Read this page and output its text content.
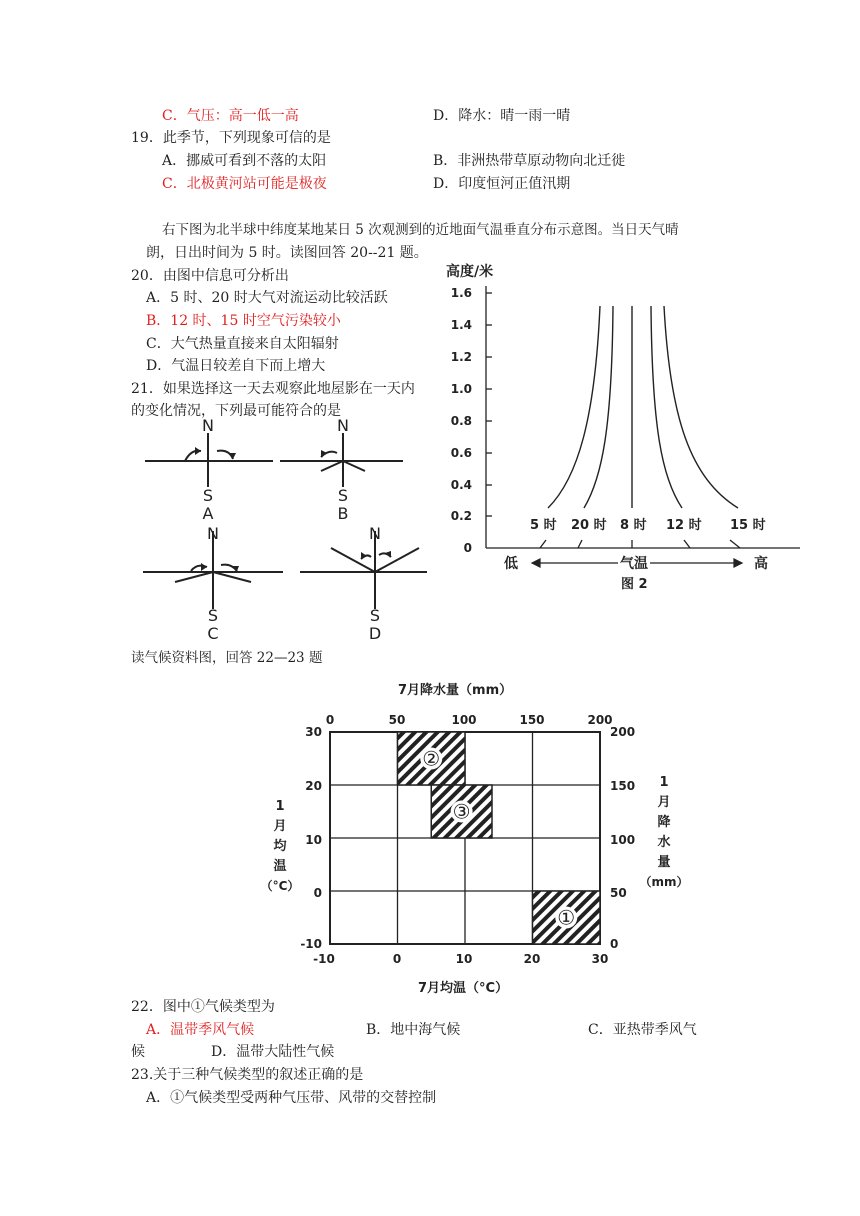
C．气压：高一低一高	D．降水：晴一雨一晴
19．此季节，下列现象可信的是
A．挪威可看到不落的太阳	B．非洲热带草原动物向北迁徙
C．北极黄河站可能是极夜	D．印度恒河正值汛期
右下图为北半球中纬度某地某日 5 次观测到的近地面气温垂直分布示意图。当日天气晴
朗，日出时间为 5 时。读图回答 20--21 题。
20．由图中信息可分析出
A．5 时、20 时大气对流运动比较活跃
B．12 时、15 时空气污染较小
C．大气热量直接来自太阳辐射
D．气温日较差自下而上增大
21．如果选择这一天去观察此地屋影在一天内
的变化情况，下列最可能符合的是
N
S
A
N
S
B
N
S
C
N
S
D
高度/米
1.6
1.4
1.2
1.0
0.8
0.6
0.4
0.2
0
5 时 20 时 8 时 12 时 15 时
低	气温	高
图 2
读气候资料图，回答 22—23 题
7月降水量（mm）
0	50	100	150	200
①
②
③
30
20
10
0
-10
200
150
100
50
0
-10	0	10	20	30
7月均温（°C）
1
月
均
温
（°C）
1
月
降
水
量
（mm）
22．图中①气候类型为
A．温带季风气候	B．地中海气候	C．亚热带季风气
候	D．温带大陆性气候
23.关于三种气候类型的叙述正确的是
A．①气候类型受两种气压带、风带的交替控制
